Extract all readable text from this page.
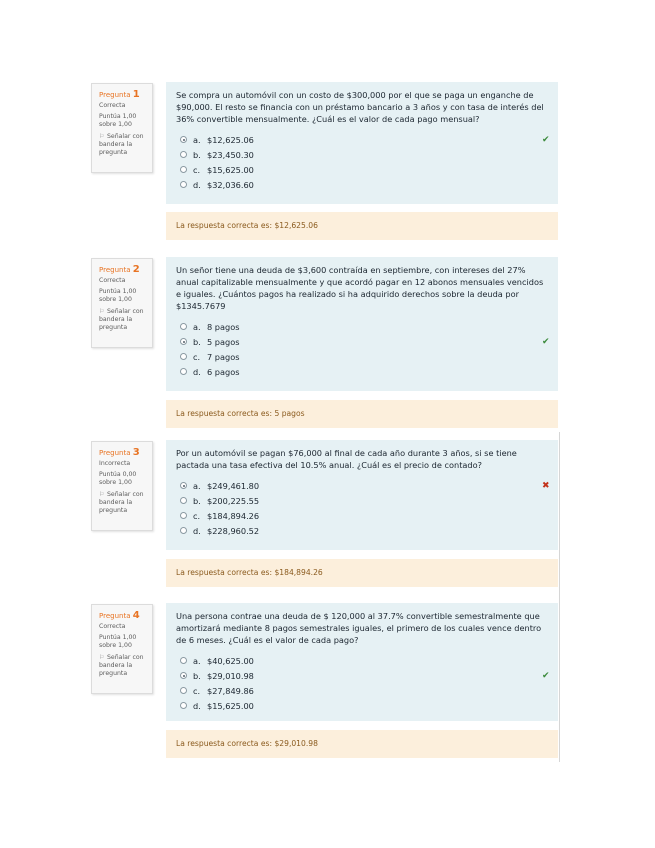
Pregunta 1
Correcta
Puntúa 1,00 sobre 1,00
⚐ Señalar con bandera la pregunta
Se compra un automóvil con un costo de $300,000 por el que se paga un enganche de $90,000. El resto se financia con un préstamo bancario a 3 años y con tasa de interés del 36% convertible mensualmente. ¿Cuál es el valor de cada pago mensual?
a. $12,625.06	✔
b. $23,450.30
c. $15,625.00
d. $32,036.60
La respuesta correcta es: $12,625.06
Pregunta 2
Correcta
Puntúa 1,00 sobre 1,00
⚐ Señalar con bandera la pregunta
Un señor tiene una deuda de $3,600 contraída en septiembre, con intereses del 27% anual capitalizable mensualmente y que acordó pagar en 12 abonos mensuales vencidos e iguales. ¿Cuántos pagos ha realizado si ha adquirido derechos sobre la deuda por $1345.7679
a. 8 pagos
b. 5 pagos	✔
c. 7 pagos
d. 6 pagos
La respuesta correcta es: 5 pagos
Pregunta 3
Incorrecta
Puntúa 0,00 sobre 1,00
⚐ Señalar con bandera la pregunta
Por un automóvil se pagan $76,000 al final de cada año durante 3 años, si se tiene pactada una tasa efectiva del 10.5% anual. ¿Cuál es el precio de contado?
a. $249,461.80	✖
b. $200,225.55
c. $184,894.26
d. $228,960.52
La respuesta correcta es: $184,894.26
Pregunta 4
Correcta
Puntúa 1,00 sobre 1,00
⚐ Señalar con bandera la pregunta
Una persona contrae una deuda de $ 120,000 al 37.7% convertible semestralmente que amortizará mediante 8 pagos semestrales iguales, el primero de los cuales vence dentro de 6 meses. ¿Cuál es el valor de cada pago?
a. $40,625.00
b. $29,010.98	✔
c. $27,849.86
d. $15,625.00
La respuesta correcta es: $29,010.98
